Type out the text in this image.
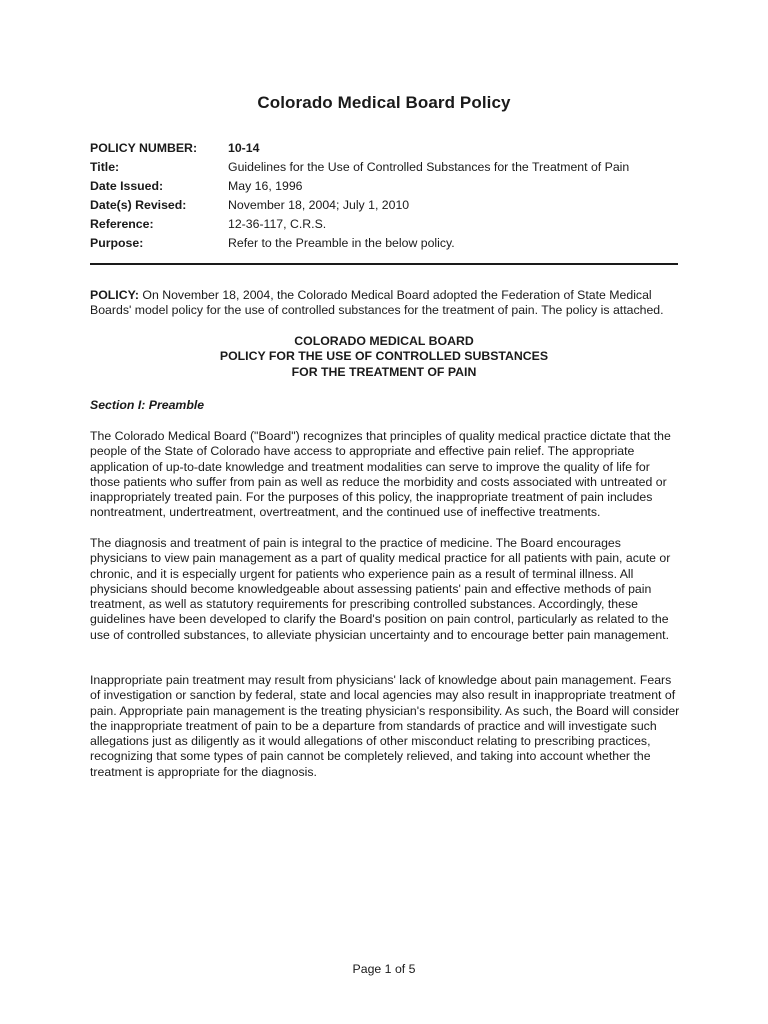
Colorado Medical Board Policy
POLICY NUMBER:	10-14
Title:	Guidelines for the Use of Controlled Substances for the Treatment of Pain
Date Issued:	May 16, 1996
Date(s) Revised:	November 18, 2004; July 1, 2010
Reference:	12-36-117, C.R.S.
Purpose:	Refer to the Preamble in the below policy.

POLICY: On November 18, 2004, the Colorado Medical Board adopted the Federation of State Medical Boards' model policy for the use of controlled substances for the treatment of pain. The policy is attached.

COLORADO MEDICAL BOARD
POLICY FOR THE USE OF CONTROLLED SUBSTANCES
FOR THE TREATMENT OF PAIN
Section I: Preamble

The Colorado Medical Board ("Board") recognizes that principles of quality medical practice dictate that the people of the State of Colorado have access to appropriate and effective pain relief. The appropriate application of up-to-date knowledge and treatment modalities can serve to improve the quality of life for those patients who suffer from pain as well as reduce the morbidity and costs associated with untreated or inappropriately treated pain. For the purposes of this policy, the inappropriate treatment of pain includes nontreatment, undertreatment, overtreatment, and the continued use of ineffective treatments.

The diagnosis and treatment of pain is integral to the practice of medicine. The Board encourages physicians to view pain management as a part of quality medical practice for all patients with pain, acute or chronic, and it is especially urgent for patients who experience pain as a result of terminal illness. All physicians should become knowledgeable about assessing patients' pain and effective methods of pain treatment, as well as statutory requirements for prescribing controlled substances. Accordingly, these guidelines have been developed to clarify the Board's position on pain control, particularly as related to the use of controlled substances, to alleviate physician uncertainty and to encourage better pain management.

Inappropriate pain treatment may result from physicians' lack of knowledge about pain management. Fears of investigation or sanction by federal, state and local agencies may also result in inappropriate treatment of pain. Appropriate pain management is the treating physician's responsibility. As such, the Board will consider the inappropriate treatment of pain to be a departure from standards of practice and will investigate such allegations just as diligently as it would allegations of other misconduct relating to prescribing practices, recognizing that some types of pain cannot be completely relieved, and taking into account whether the treatment is appropriate for the diagnosis.

Page 1 of 5
